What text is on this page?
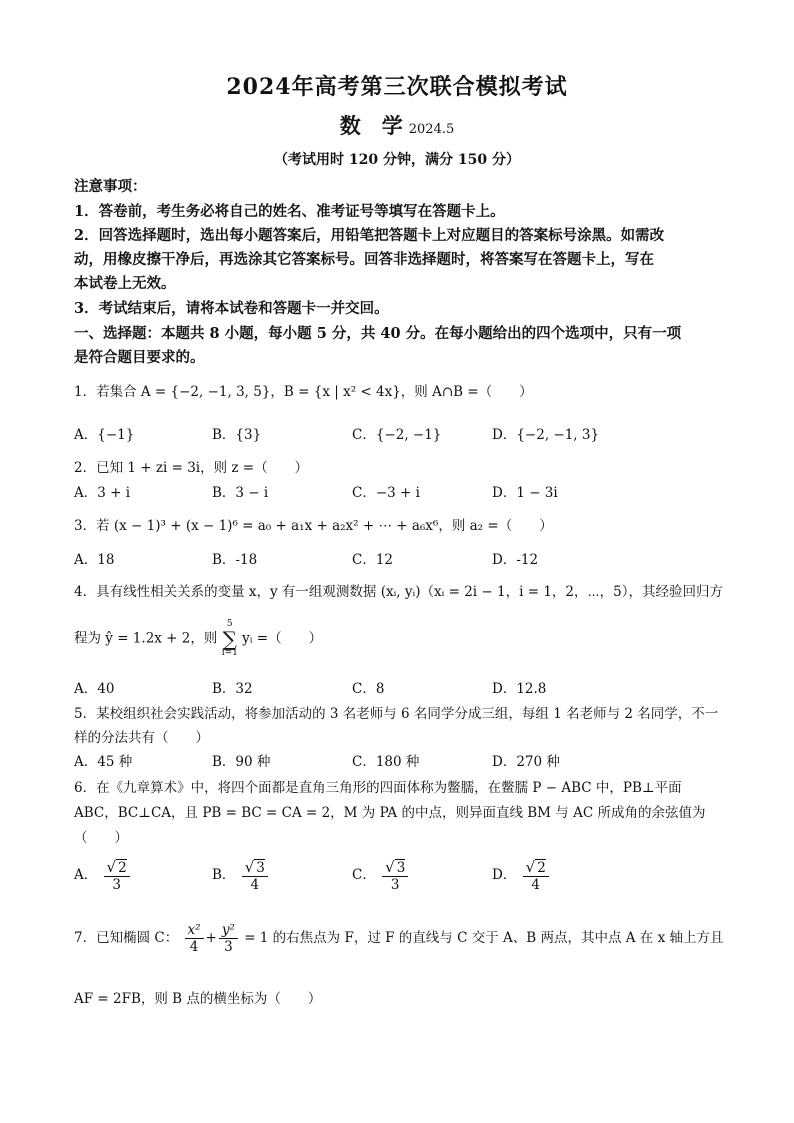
2024年高考第三次联合模拟考试
数　学 2024.5
（考试用时 120 分钟，满分 150 分）
注意事项：
1．答卷前，考生务必将自己的姓名、准考证号等填写在答题卡上。
2．回答选择题时，选出每小题答案后，用铅笔把答题卡上对应题目的答案标号涂黑。如需改
动，用橡皮擦干净后，再选涂其它答案标号。回答非选择题时，将答案写在答题卡上，写在
本试卷上无效。
3．考试结束后，请将本试卷和答题卡一并交回。
一、选择题：本题共 8 小题，每小题 5 分，共 40 分。在每小题给出的四个选项中，只有一项
是符合题目要求的。
1．若集合 A = {−2, −1, 3, 5}，B = {x | x² < 4x}，则 A∩B =（　　）
A．{−1}	B．{3}	C．{−2, −1}	D．{−2, −1, 3}
2．已知 1 + zi = 3i，则 z =（　　）
A．3 + i	B．3 − i	C．−3 + i	D．1 − 3i
3．若 (x − 1)³ + (x − 1)⁶ = a₀ + a₁x + a₂x² + ⋯ + a₆x⁶，则 a₂ =（　　）
A．18	B．-18	C．12	D．-12
4．具有线性相关关系的变量 x，y 有一组观测数据 (xᵢ, yᵢ)（xᵢ = 2i − 1，i = 1，2，⋯，5），其经验回归方
程为 ŷ = 1.2x + 2，则
5
∑
i=1
yᵢ =（　　）
A．40	B．32	C．8	D．12.8
5．某校组织社会实践活动，将参加活动的 3 名老师与 6 名同学分成三组，每组 1 名老师与 2 名同学，不一
样的分法共有（　　）
A．45 种	B．90 种	C．180 种	D．270 种
6．在《九章算术》中，将四个面都是直角三角形的四面体称为鳖臑，在鳖臑 P − ABC 中，PB⊥平面
ABC，BC⊥CA，且 PB = BC = CA = 2，M 为 PA 的中点，则异面直线 BM 与 AC 所成角的余弦值为
（　　）
A． $\frac{√ 2}{3}$	B． $\frac{√ 3}{4}$	C． $\frac{√ 3}{3}$	D． $\frac{√ 2}{4}$
7．已知椭圆 C： $\frac{\text{x²}}{4} + \frac{\text{y²}}{3} = 1$ 的右焦点为 F，过 F 的直线与 C 交于 A、B 两点，其中点 A 在 x 轴上方且
AF = 2FB，则 B 点的横坐标为（　　）
